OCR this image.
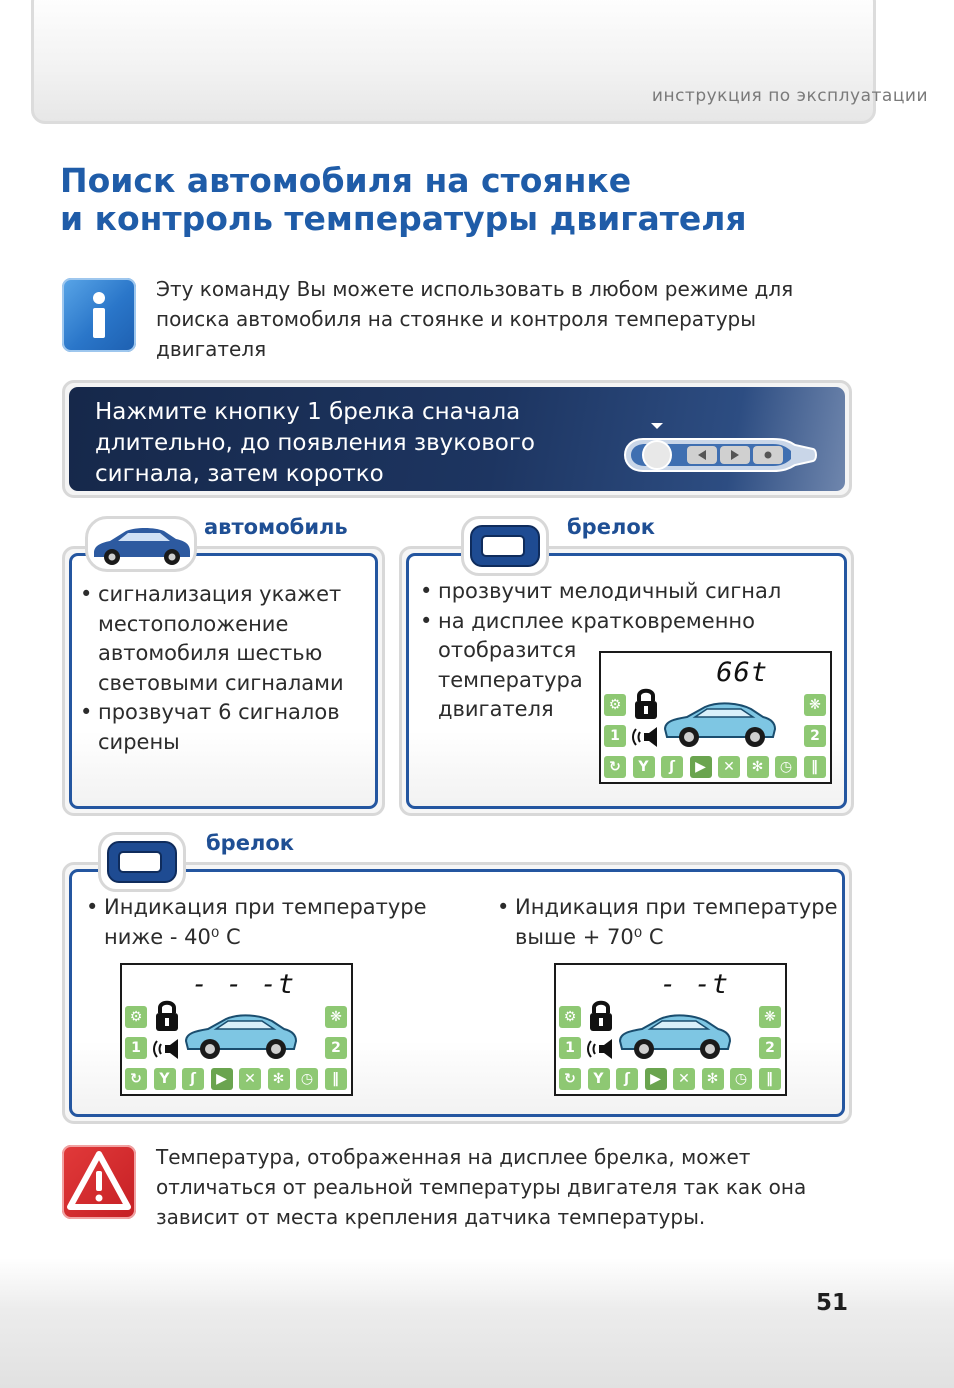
инструкция по эксплуатации
Поиск автомобиля на стоянке
и контроль температуры двигателя
Эту команду Вы можете использовать в любом режиме для
поиска автомобиля на стоянке и контроля температуры
двигателя
Нажмите кнопку 1 брелка сначала
длительно, до появления звукового
сигнала, затем коротко
автомобиль
• сигнализация укажет
местоположение
автомобиля шестью
световыми сигналами
• прозвучат 6 сигналов
сирены
брелок
• прозвучит мелодичный сигнал
• на дисплее кратковременно
отобразится
температура
двигателя
66t
⚙
1
❋
2
↻	Y	ʃ	▶	✕	✻	◷	‖
брелок
• Индикация при температуре
ниже - 40⁰ С
• Индикация при температуре
выше + 70⁰ С
- - -t
⚙
1
❋
2
↻	Y	ʃ	▶	✕	✻	◷	‖
- -t
⚙
1
❋
2
↻	Y	ʃ	▶	✕	✻	◷	‖
Температура, отображенная на дисплее брелка, может
отличаться от реальной температуры двигателя так как она
зависит от места крепления датчика температуры.
51
